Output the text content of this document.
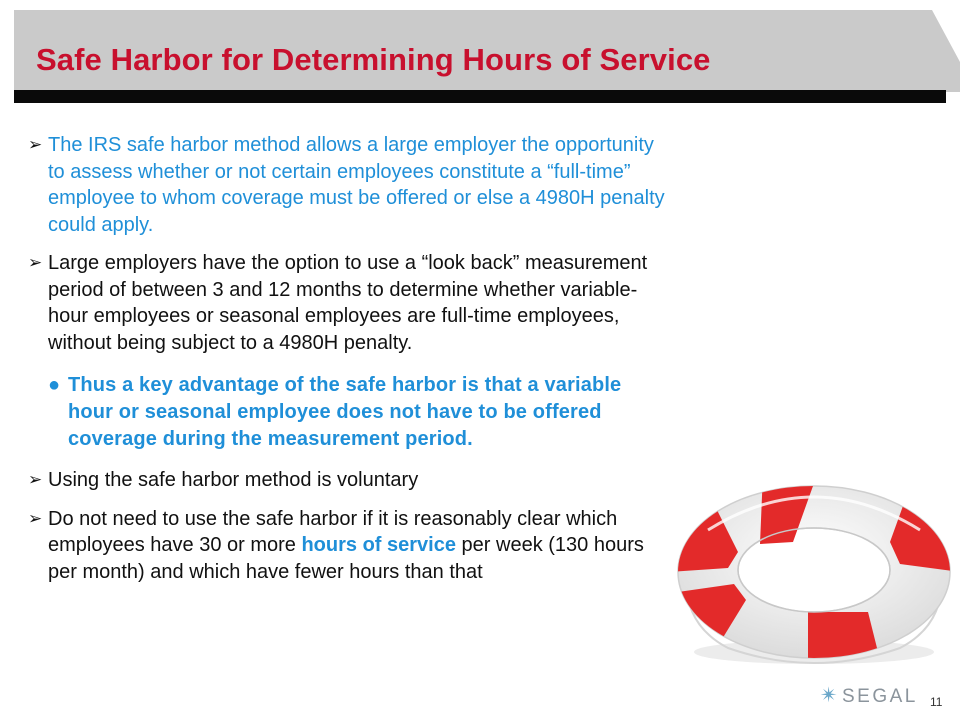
Safe Harbor for Determining Hours of Service
➢ The IRS safe harbor method allows a large employer the opportunity to assess whether or not certain employees constitute a “full-time” employee to whom coverage must be offered or else a 4980H penalty could apply.
➢ Large employers have the option to use a “look back” measurement period of between 3 and 12 months to determine whether variable-hour employees or seasonal employees are full-time employees, without being subject to a 4980H penalty.
● Thus a key advantage of the safe harbor is that a variable hour or seasonal employee does not have to be offered coverage during the measurement period.
➢ Using the safe harbor method is voluntary
➢ Do not need to use the safe harbor if it is reasonably clear which employees have 30 or more hours of service per week (130 hours per month) and which have fewer hours than that
✴ SEGAL 11
